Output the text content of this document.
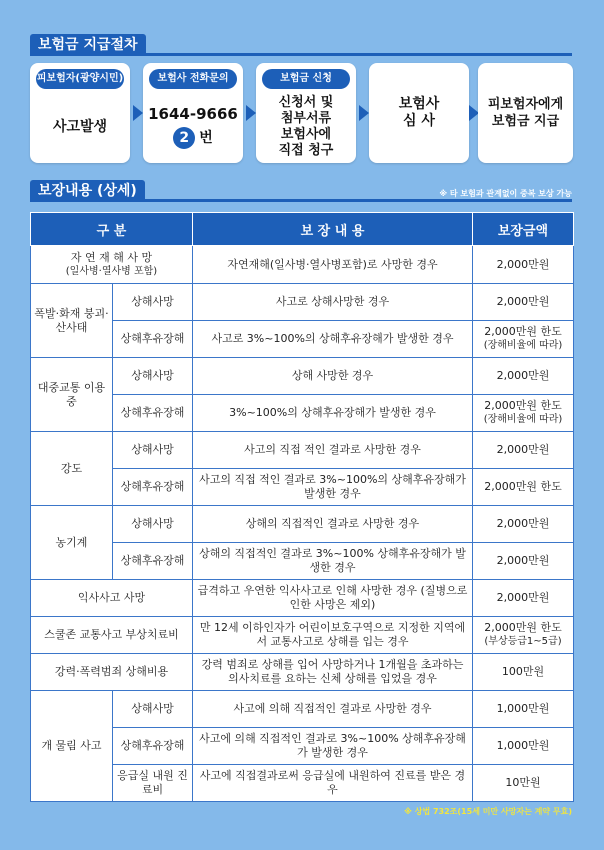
보험금 지급절차
피보험자(광양시민)
사고발생
보험사 전화문의
1644-9666
2 번
보험금 신청
신청서 및
첨부서류
보험사에
직접 청구
보험사
심 사
피보험자에게
보험금 지급
보장내용 (상세)	※ 타 보험과 관계없이 중복 보상 가능
구 분		보 장 내 용	보장금액

자 연 재 해 사 망
(일사병·열사병 포함)		자연재해(일사병·열사병포함)로 사망한 경우	2,000만원
폭발·화재 붕괴·산사태	상해사망	사고로 상해사망한 경우	2,000만원
	상해후유장해	사고로 3%~100%의 상해후유장해가 발생한 경우	2,000만원 한도
(장해비율에 따라)

대중교통 이용중	상해사망	상해 사망한 경우	2,000만원
	상해후유장해	3%~100%의 상해후유장해가 발생한 경우	2,000만원 한도
(장해비율에 따라)

강도	상해사망	사고의 직접 적인 결과로 사망한 경우	2,000만원
	상해후유장해	사고의 직접 적인 결과로 3%~100%의 상해후유장해가 발생한 경우	2,000만원 한도
농기계	상해사망	상해의 직접적인 결과로 사망한 경우	2,000만원
	상해후유장해	상해의 직접적인 결과로 3%~100% 상해후유장해가 발생한 경우	2,000만원
익사사고 사망		급격하고 우연한 익사사고로 인해 사망한 경우 (질병으로 인한 사망은 제외)	2,000만원
스쿨존 교통사고 부상치료비		만 12세 이하인자가 어린이보호구역으로 지정한 지역에서 교통사고로 상해를 입는 경우	2,000만원 한도
(부상등급1~5급)

강력·폭력범죄 상해비용		강력 범죄로 상해를 입어 사망하거나 1개월을 초과하는 의사치료를 요하는 신체 상해를 입었을 경우	100만원
개 물림 사고	상해사망	사고에 의해 직접적인 결과로 사망한 경우	1,000만원
	상해후유장해	사고에 의해 직접적인 결과로 3%~100% 상해후유장해가 발생한 경우	1,000만원
	응급실 내원 진료비	사고에 직접결과로써 응급실에 내원하여 진료를 받은 경우	10만원
※ 상법 732조(15세 미만 사망자는 계약 무효)
